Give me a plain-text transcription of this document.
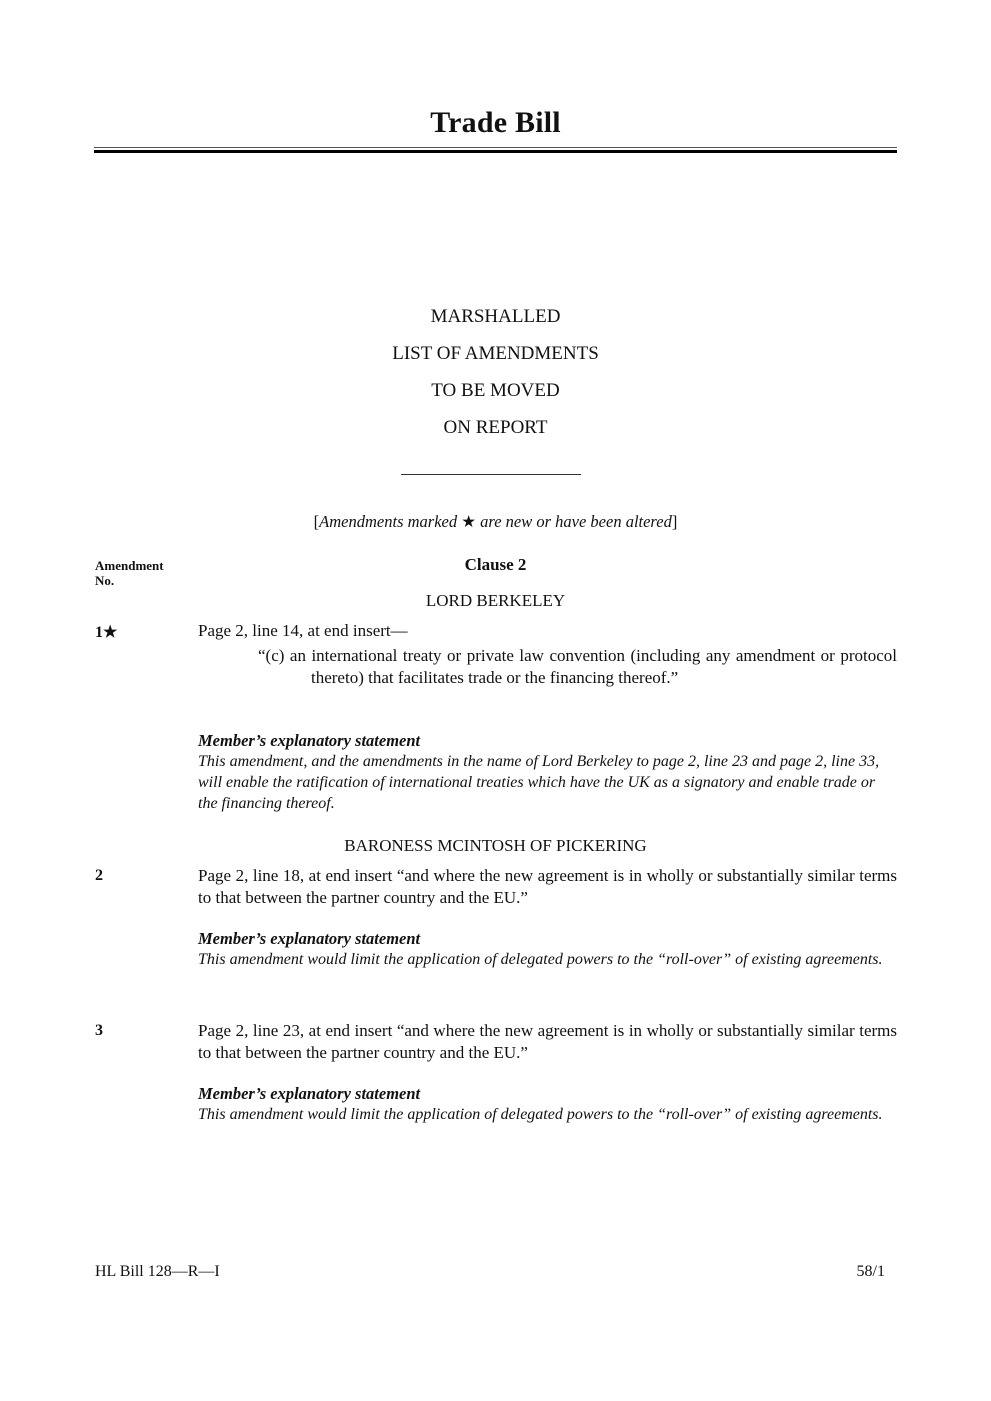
Trade Bill
MARSHALLED
LIST OF AMENDMENTS
TO BE MOVED
ON REPORT
[Amendments marked ★ are new or have been altered]
Amendment
No.
Clause 2
LORD BERKELEY
1★	Page 2, line 14, at end insert—
“(c) an international treaty or private law convention (including any amendment or protocol thereto) that facilitates trade or the financing thereof.”
Member’s explanatory statement
This amendment, and the amendments in the name of Lord Berkeley to page 2, line 23 and page 2, line 33, will enable the ratification of international treaties which have the UK as a signatory and enable trade or the financing thereof.
BARONESS MCINTOSH OF PICKERING
2	Page 2, line 18, at end insert “and where the new agreement is in wholly or substantially similar terms to that between the partner country and the EU.”
Member’s explanatory statement
This amendment would limit the application of delegated powers to the “roll-over” of existing agreements.
3	Page 2, line 23, at end insert “and where the new agreement is in wholly or substantially similar terms to that between the partner country and the EU.”
Member’s explanatory statement
This amendment would limit the application of delegated powers to the “roll-over” of existing agreements.
HL Bill 128—R—I	58/1
